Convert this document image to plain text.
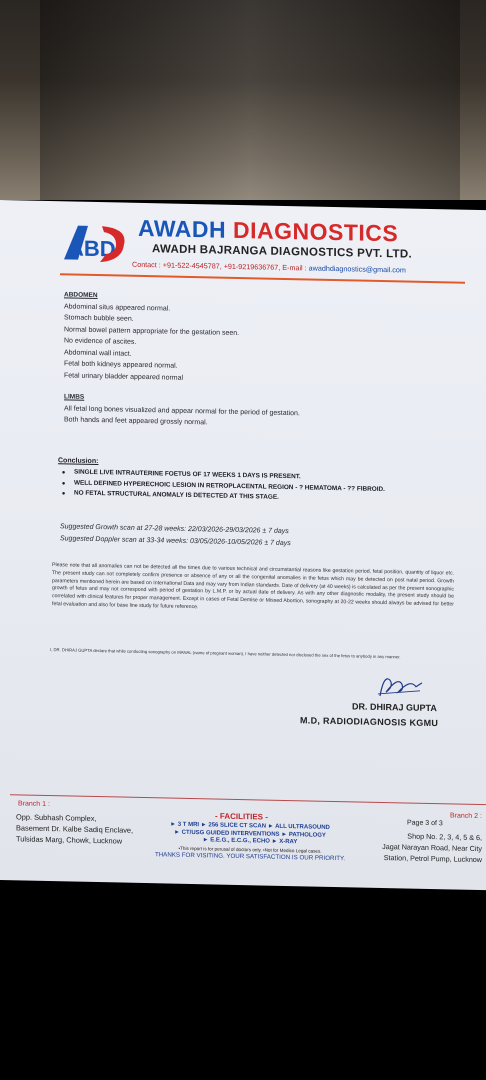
ABD
AWADH DIAGNOSTICS
AWADH BAJRANGA DIAGNOSTICS PVT. LTD.
Contact : +91-522-4545787, +91-9219636767, E-mail : awadhdiagnostics@gmail.com
ABDOMEN
Abdominal situs appeared normal.
Stomach bubble seen.
Normal bowel pattern appropriate for the gestation seen.
No evidence of ascites.
Abdominal wall intact.
Fetal both kidneys appeared normal.
Fetal urinary bladder appeared normal
LIMBS
All fetal long bones visualized and appear normal for the period of gestation.
Both hands and feet appeared grossly normal.
Conclusion:
• SINGLE LIVE INTRAUTERINE FOETUS OF 17 WEEKS 1 DAYS IS PRESENT.
• WELL DEFINED HYPERECHOIC LESION IN RETROPLACENTAL REGION - ? HEMATOMA - ?? FIBROID.
• NO FETAL STRUCTURAL ANOMALY IS DETECTED AT THIS STAGE.
Suggested Growth scan at 27-28 weeks: 22/03/2026-29/03/2026 ± 7 days
Suggested Doppler scan at 33-34 weeks: 03/05/2026-10/05/2026 ± 7 days
Please note that all anomalies can not be detected all the times due to various technical and circumstantial reasons like gestation period, fetal position, quantity of liquor etc. The present study can not completely confirm presence or absence of any or all the congenital anomalies in the fetus which may be detected on post natal period. Growth parameters mentioned herein are based on International Data and may vary from Indian standards. Date of delivery (at 40 weeks) is calculated as per the present sonographic growth of fetus and may not correspond with period of gestation by L.M.P. or by actual date of delivery. As with any other diagnostic modality, the present study should be correlated with clinical features for proper management. Except in cases of Fetal Demise or Missed Abortion, sonography at 20-22 weeks should always be advised for better fetal evaluation and also for base line study for future reference.
I, DR. DHIRAJ GUPTA declare that while conducting sonography on MANAL (name of pregnant woman), I have neither detected nor disclosed the sex of the fetus to anybody in any manner.
DR. DHIRAJ GUPTA
M.D, RADIODIAGNOSIS KGMU
Branch 1 :
Opp. Subhash Complex,
Basement Dr. Kalbe Sadiq Enclave,
Tulsidas Marg, Chowk, Lucknow
- FACILITIES -
► 3 T MRI ► 256 SLICE CT SCAN ► ALL ULTRASOUND
► CT/USG GUIDED INTERVENTIONS ► PATHOLOGY
► E.E.G., E.C.G., ECHO ► X-RAY
•This report is for perusal of doctors only. •Not for Medico Legal cases.
THANKS FOR VISITING. YOUR SATISFACTION IS OUR PRIORITY.
Page 3 of 3
Branch 2 :
Shop No. 2, 3, 4, 5 & 6,
Jagat Narayan Road, Near City
Station, Petrol Pump, Lucknow
